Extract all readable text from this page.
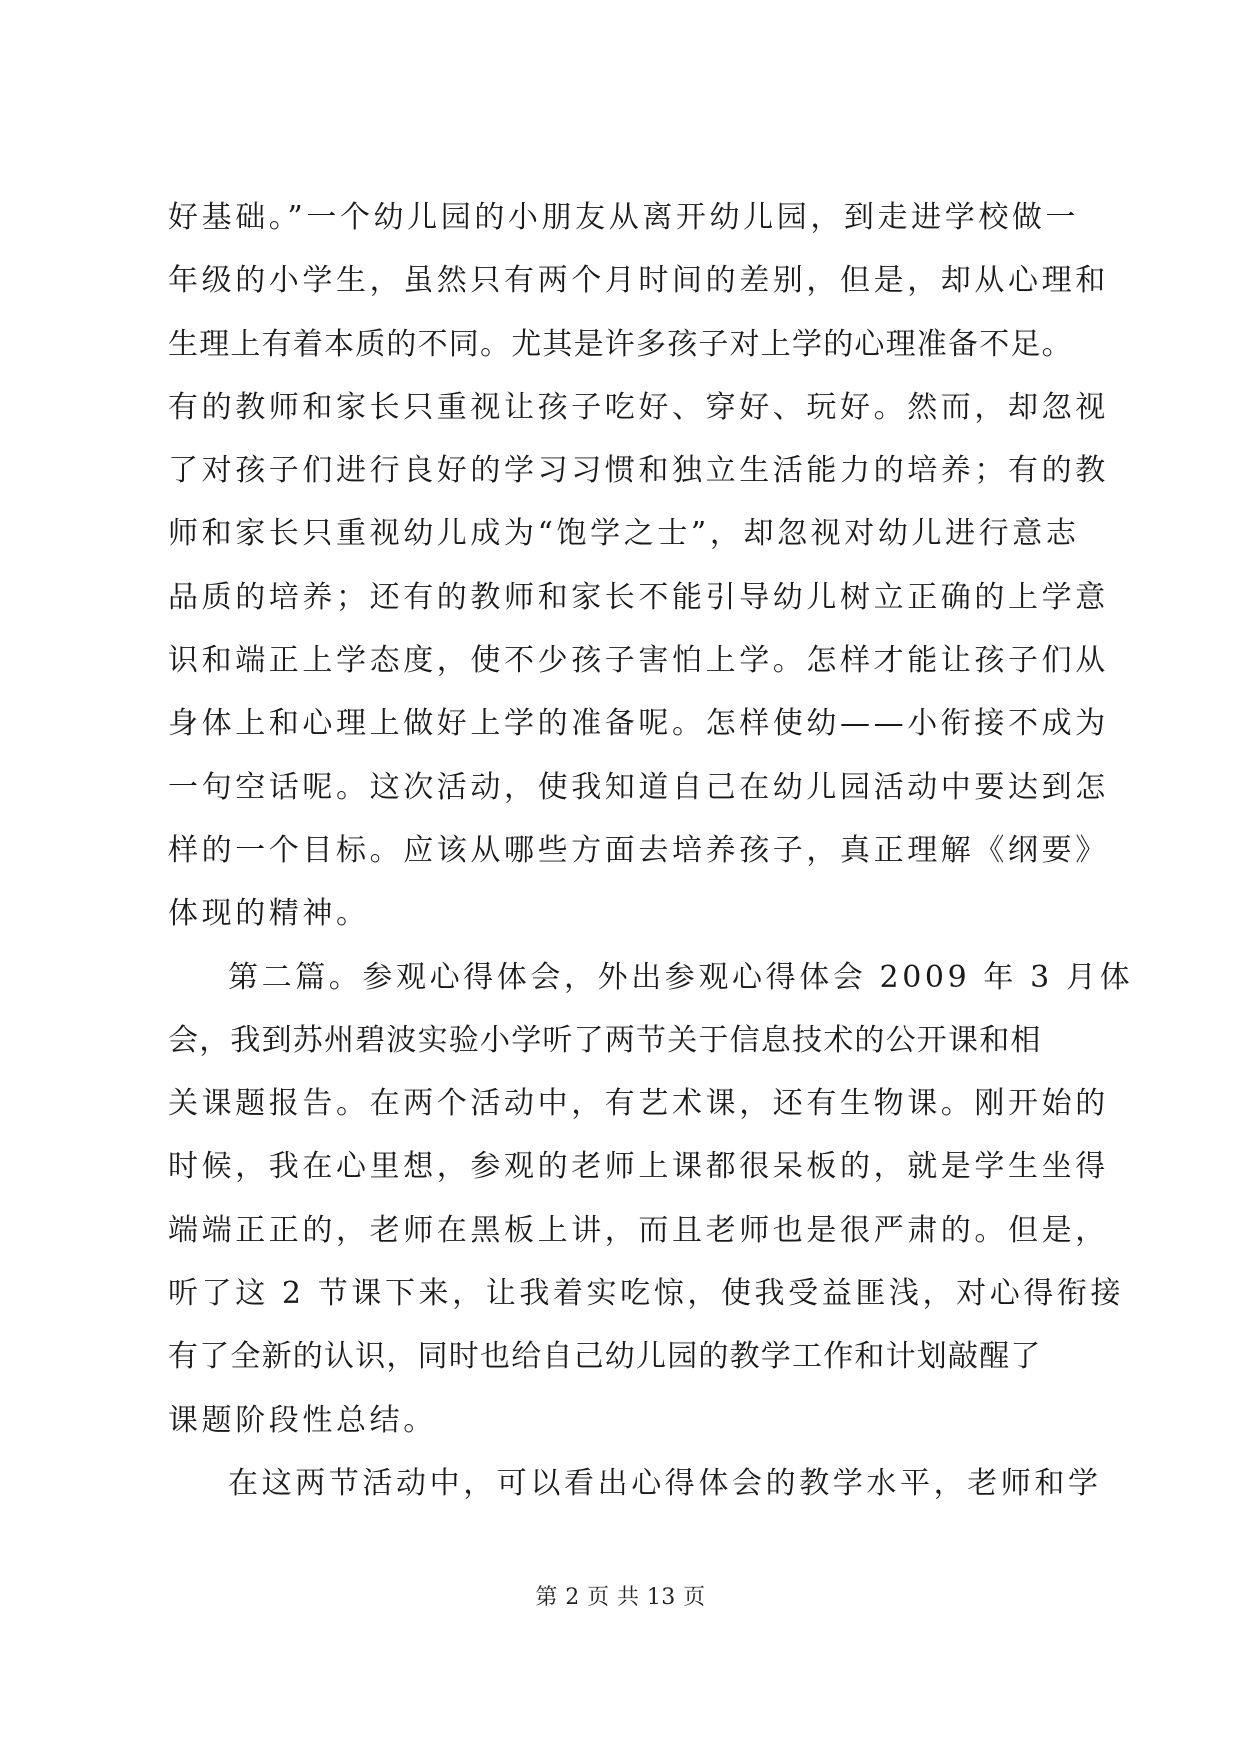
好基础。”一个幼儿园的小朋友从离开幼儿园，到走进学校做一
年级的小学生，虽然只有两个月时间的差别，但是，却从心理和
生理上有着本质的不同。尤其是许多孩子对上学的心理准备不足。
有的教师和家长只重视让孩子吃好、穿好、玩好。然而，却忽视
了对孩子们进行良好的学习习惯和独立生活能力的培养；有的教
师和家长只重视幼儿成为“饱学之士”，却忽视对幼儿进行意志
品质的培养；还有的教师和家长不能引导幼儿树立正确的上学意
识和端正上学态度，使不少孩子害怕上学。怎样才能让孩子们从
身体上和心理上做好上学的准备呢。怎样使幼——小衔接不成为
一句空话呢。这次活动，使我知道自己在幼儿园活动中要达到怎
样的一个目标。应该从哪些方面去培养孩子，真正理解《纲要》
体现的精神。
第二篇。参观心得体会，外出参观心得体会 2009 年 3 月体
会，我到苏州碧波实验小学听了两节关于信息技术的公开课和相
关课题报告。在两个活动中，有艺术课，还有生物课。刚开始的
时候，我在心里想，参观的老师上课都很呆板的，就是学生坐得
端端正正的，老师在黑板上讲，而且老师也是很严肃的。但是，
听了这 2 节课下来，让我着实吃惊，使我受益匪浅，对心得衔接
有了全新的认识，同时也给自己幼儿园的教学工作和计划敲醒了
课题阶段性总结。
在这两节活动中，可以看出心得体会的教学水平，老师和学
第 2 页 共 13 页
